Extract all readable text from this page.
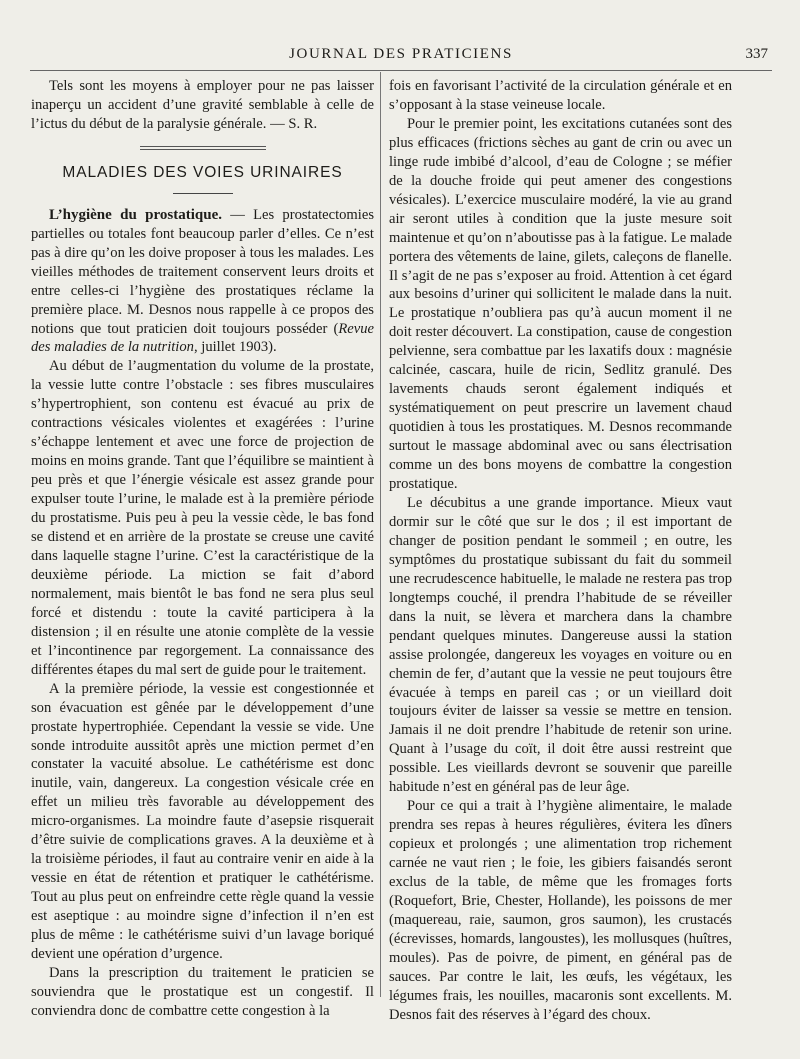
JOURNAL DES PRATICIENS	337

Tels sont les moyens à employer pour ne pas laisser inaperçu un accident d’une gravité semblable à celle de l’ictus du début de la paralysie générale. — S. R.

MALADIES DES VOIES URINAIRES

L’hygiène du prostatique. — Les prostatectomies partielles ou totales font beaucoup parler d’elles. Ce n’est pas à dire qu’on les doive proposer à tous les malades. Les vieilles méthodes de traitement conservent leurs droits et entre celles-ci l’hygiène des prostatiques réclame la première place. M. Desnos nous rappelle à ce propos des notions que tout praticien doit toujours posséder (Revue des maladies de la nutrition, juillet 1903).

Au début de l’augmentation du volume de la prostate, la vessie lutte contre l’obstacle : ses fibres musculaires s’hypertrophient, son contenu est évacué au prix de contractions vésicales violentes et exagérées : l’urine s’échappe lentement et avec une force de projection de moins en moins grande. Tant que l’équilibre se maintient à peu près et que l’énergie vésicale est assez grande pour expulser toute l’urine, le malade est à la première période du prostatisme. Puis peu à peu la vessie cède, le bas fond se distend et en arrière de la prostate se creuse une cavité dans laquelle stagne l’urine. C’est la caractéristique de la deuxième période. La miction se fait d’abord normalement, mais bientôt le bas fond ne sera plus seul forcé et distendu : toute la cavité participera à la distension ; il en résulte une atonie complète de la vessie et l’incontinence par regorgement. La connaissance des différentes étapes du mal sert de guide pour le traitement.

A la première période, la vessie est congestionnée et son évacuation est gênée par le développement d’une prostate hypertrophiée. Cependant la vessie se vide. Une sonde introduite aussitôt après une miction permet d’en constater la vacuité absolue. Le cathétérisme est donc inutile, vain, dangereux. La congestion vésicale crée en effet un milieu très favorable au développement des micro-organismes. La moindre faute d’asepsie risquerait d’être suivie de complications graves. A la deuxième et à la troisième périodes, il faut au contraire venir en aide à la vessie en état de rétention et pratiquer le cathétérisme. Tout au plus peut on enfreindre cette règle quand la vessie est aseptique : au moindre signe d’infection il n’en est plus de même : le cathétérisme suivi d’un lavage boriqué devient une opération d’urgence.

Dans la prescription du traitement le praticien se souviendra que le prostatique est un congestif. Il conviendra donc de combattre cette congestion à la

fois en favorisant l’activité de la circulation générale et en s’opposant à la stase veineuse locale.

Pour le premier point, les excitations cutanées sont des plus efficaces (frictions sèches au gant de crin ou avec un linge rude imbibé d’alcool, d’eau de Cologne ; se méfier de la douche froide qui peut amener des congestions vésicales). L’exercice musculaire modéré, la vie au grand air seront utiles à condition que la juste mesure soit maintenue et qu’on n’aboutisse pas à la fatigue. Le malade portera des vêtements de laine, gilets, caleçons de flanelle. Il s’agit de ne pas s’exposer au froid. Attention à cet égard aux besoins d’uriner qui sollicitent le malade dans la nuit. Le prostatique n’oubliera pas qu’à aucun moment il ne doit rester découvert. La constipation, cause de congestion pelvienne, sera combattue par les laxatifs doux : magnésie calcinée, cascara, huile de ricin, Sedlitz granulé. Des lavements chauds seront également indiqués et systématiquement on peut prescrire un lavement chaud quotidien à tous les prostatiques. M. Desnos recommande surtout le massage abdominal avec ou sans électrisation comme un des bons moyens de combattre la congestion prostatique.

Le décubitus a une grande importance. Mieux vaut dormir sur le côté que sur le dos ; il est important de changer de position pendant le sommeil ; en outre, les symptômes du prostatique subissant du fait du sommeil une recrudescence habituelle, le malade ne restera pas trop longtemps couché, il prendra l’habitude de se réveiller dans la nuit, se lèvera et marchera dans la chambre pendant quelques minutes. Dangereuse aussi la station assise prolongée, dangereux les voyages en voiture ou en chemin de fer, d’autant que la vessie ne peut toujours être évacuée à temps en pareil cas ; or un vieillard doit toujours éviter de laisser sa vessie se mettre en tension. Jamais il ne doit prendre l’habitude de retenir son urine. Quant à l’usage du coït, il doit être aussi restreint que possible. Les vieillards devront se souvenir que pareille habitude n’est en général pas de leur âge.

Pour ce qui a trait à l’hygiène alimentaire, le malade prendra ses repas à heures régulières, évitera les dîners copieux et prolongés ; une alimentation trop richement carnée ne vaut rien ; le foie, les gibiers faisandés seront exclus de la table, de même que les fromages forts (Roquefort, Brie, Chester, Hollande), les poissons de mer (maquereau, raie, saumon, gros saumon), les crustacés (écrevisses, homards, langoustes), les mollusques (huîtres, moules). Pas de poivre, de piment, en général pas de sauces. Par contre le lait, les œufs, les végétaux, les légumes frais, les nouilles, macaronis sont excellents. M. Desnos fait des réserves à l’égard des choux.
